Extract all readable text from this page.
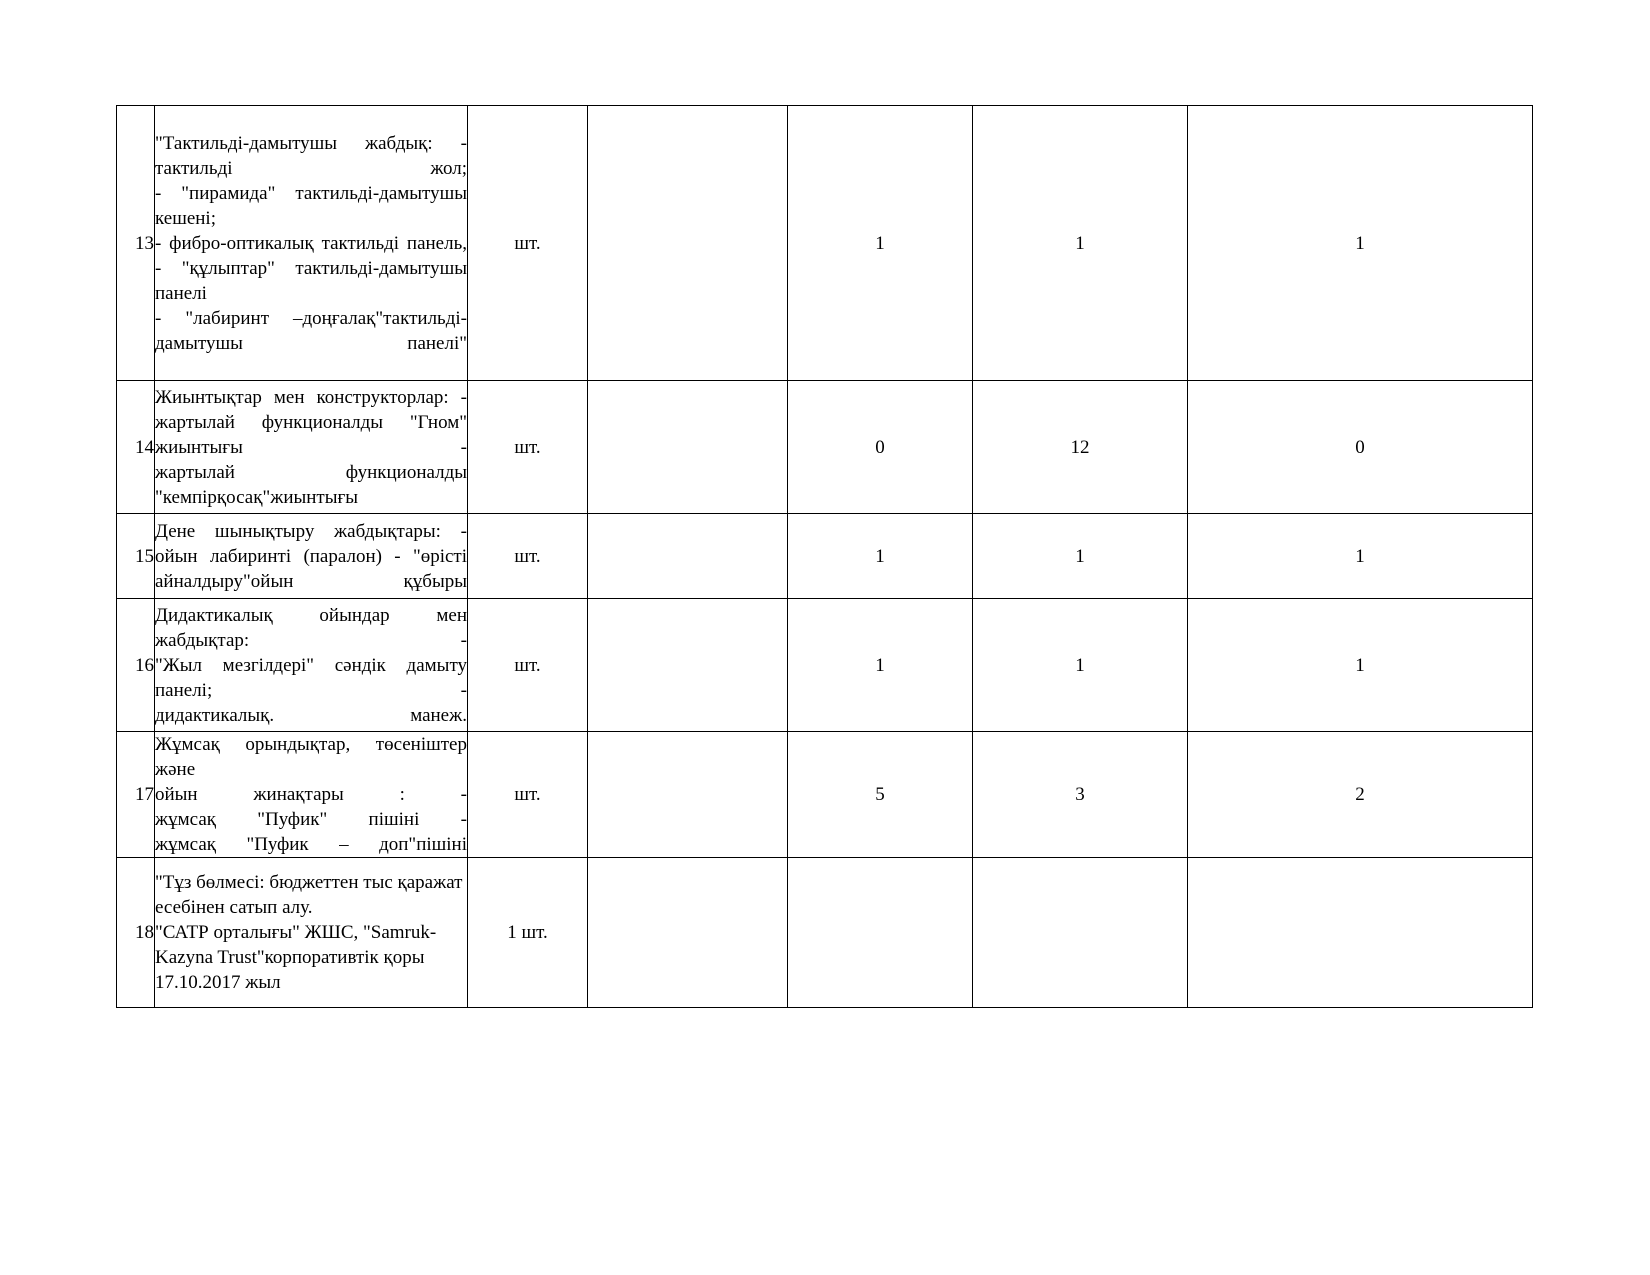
13	"Тактильді-дамытушы жабдық: -
тактильді жол;
- "пирамида" тактильді-дамытушы
кешені;
- фибро-оптикалық тактильді панель,
- "құлыптар" тактильді-дамытушы
панелі
- "лабиринт –доңғалақ"тактильді-
дамытушы панелі"	шт.		1	1	1
14	Жиынтықтар мен конструкторлар: -
жартылай функционалды "Гном"
жиынтығы -
жартылай функционалды
"кемпірқосақ"жиынтығы	шт.		0	12	0
15	Дене шынықтыру жабдықтары: -
ойын лабиринті (паралон) - "өрісті
айналдыру"ойын құбыры	шт.		1	1	1
16	Дидактикалық ойындар мен
жабдықтар: -
"Жыл мезгілдері" сәндік дамыту
панелі; -
дидактикалық. манеж.	шт.		1	1	1
17	Жұмсақ орындықтар, төсеніштер және
ойын жинақтары : -
жұмсақ "Пуфик" пішіні -
жұмсақ "Пуфик – доп"пішіні	шт.		5	3	2
18	"Тұз бөлмесі: бюджеттен тыс қаражат
есебінен сатып алу.
"САТР орталығы" ЖШС, "Samruk-
Kazyna Trust"корпоративтік қоры
17.10.2017 жыл	1 шт.				
